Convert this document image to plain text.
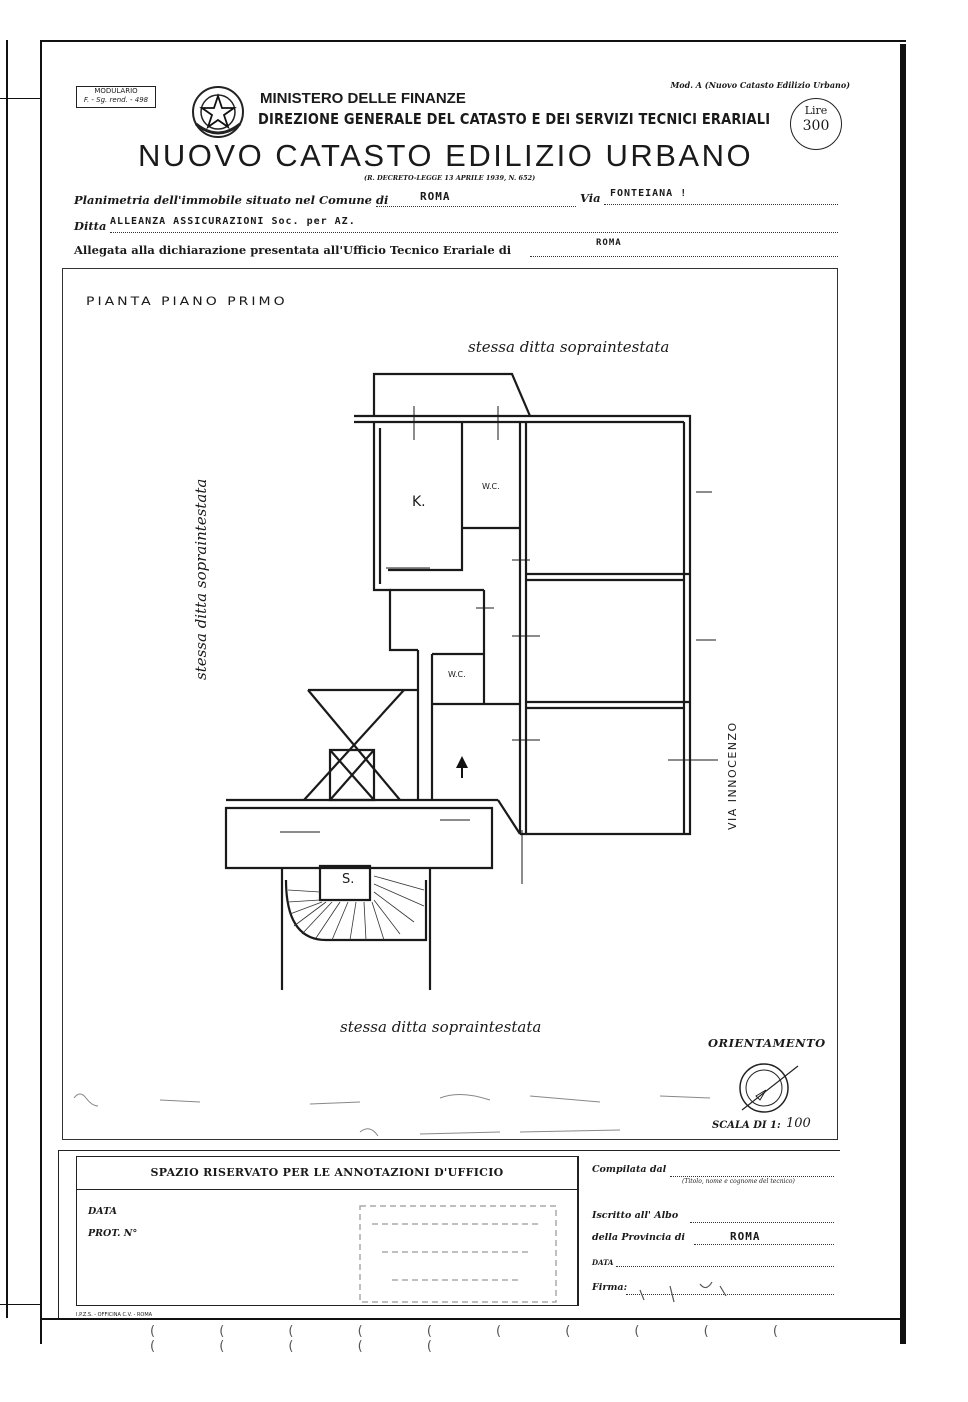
MODULARIO
F. - Sg. rend. - 498
Mod. A (Nuovo Catasto Edilizio Urbano)
MINISTERO DELLE FINANZE
DIREZIONE GENERALE DEL CATASTO E DEI SERVIZI TECNICI ERARIALI
NUOVO CATASTO EDILIZIO URBANO
(R. DECRETO-LEGGE 13 APRILE 1939, N. 652)
Lire
300
Planimetria dell'immobile situato nel Comune di	ROMA	Via FONTEIANA !
Ditta ALLEANZA ASSICURAZIONI Soc. per AZ.
Allegata alla dichiarazione presentata all'Ufficio Tecnico Erariale di	ROMA
PIANTA PIANO PRIMO
stessa ditta sopraintestata
stessa ditta sopraintestata
stessa ditta sopraintestata
VIA INNOCENZO
K.
W.C.
W.C.
S.
ORIENTAMENTO
SCALA DI 1: 100
SPAZIO RISERVATO PER LE ANNOTAZIONI D'UFFICIO
DATA
PROT. N°
Compilata dal
(Titolo, nome e cognome del tecnico)
Iscritto all' Albo
della Provincia di	ROMA
DATA
Firma:
I.P.Z.S. - OFFICINA C.V. - ROMA
( ( ( ( ( ( ( ( ( ( ( ( ( ( (
